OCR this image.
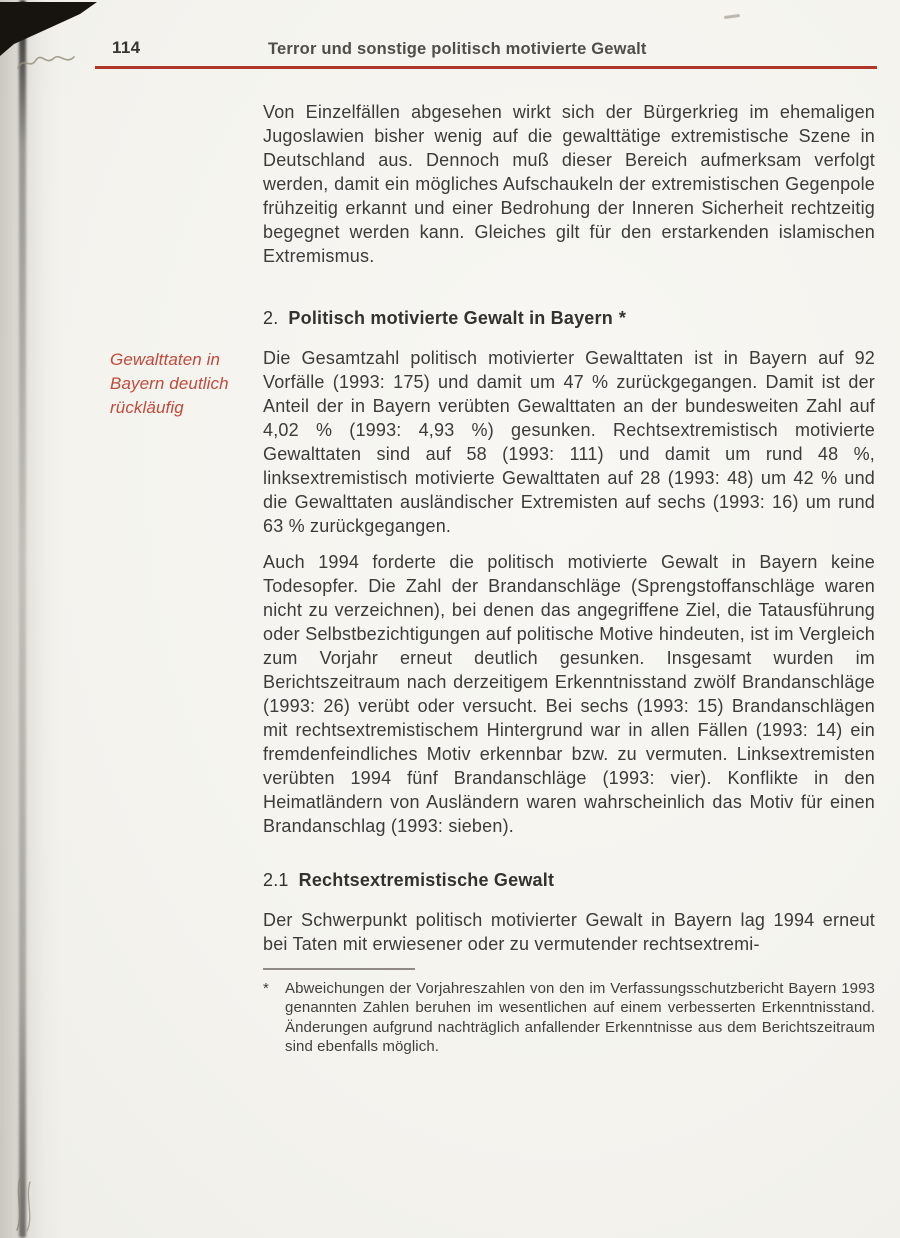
114	Terror und sonstige politisch motivierte Gewalt

Von Einzelfällen abgesehen wirkt sich der Bürgerkrieg im ehemaligen Jugoslawien bisher wenig auf die gewalttätige extremistische Szene in Deutschland aus. Dennoch muß dieser Bereich aufmerksam verfolgt werden, damit ein mögliches Aufschaukeln der extremistischen Gegenpole frühzeitig erkannt und einer Bedrohung der Inneren Sicherheit rechtzeitig begegnet werden kann. Gleiches gilt für den erstarkenden islamischen Extremismus.

2. Politisch motivierte Gewalt in Bayern *
Gewalttaten in Bayern deutlich rückläufig

Die Gesamtzahl politisch motivierter Gewalttaten ist in Bayern auf 92 Vorfälle (1993: 175) und damit um 47 % zurückgegangen. Damit ist der Anteil der in Bayern verübten Gewalttaten an der bundesweiten Zahl auf 4,02 % (1993: 4,93 %) gesunken. Rechtsextremistisch motivierte Gewalttaten sind auf 58 (1993: 111) und damit um rund 48 %, linksextremistisch motivierte Gewalttaten auf 28 (1993: 48) um 42 % und die Gewalttaten ausländischer Extremisten auf sechs (1993: 16) um rund 63 % zurückgegangen.

Auch 1994 forderte die politisch motivierte Gewalt in Bayern keine Todesopfer. Die Zahl der Brandanschläge (Sprengstoffanschläge waren nicht zu verzeichnen), bei denen das angegriffene Ziel, die Tatausführung oder Selbstbezichtigungen auf politische Motive hindeuten, ist im Vergleich zum Vorjahr erneut deutlich gesunken. Insgesamt wurden im Berichtszeitraum nach derzeitigem Erkenntnisstand zwölf Brandanschläge (1993: 26) verübt oder versucht. Bei sechs (1993: 15) Brandanschlägen mit rechtsextremistischem Hintergrund war in allen Fällen (1993: 14) ein fremdenfeindliches Motiv erkennbar bzw. zu vermuten. Linksextremisten verübten 1994 fünf Brandanschläge (1993: vier). Konflikte in den Heimatländern von Ausländern waren wahrscheinlich das Motiv für einen Brandanschlag (1993: sieben).

2.1 Rechtsextremistische Gewalt

Der Schwerpunkt politisch motivierter Gewalt in Bayern lag 1994 erneut bei Taten mit erwiesener oder zu vermutender rechtsextremi-

*	Abweichungen der Vorjahreszahlen von den im Verfassungsschutzbericht Bayern 1993 genannten Zahlen beruhen im wesentlichen auf einem verbesserten Erkenntnisstand. Änderungen aufgrund nachträglich anfallender Erkenntnisse aus dem Berichtszeitraum sind ebenfalls möglich.
